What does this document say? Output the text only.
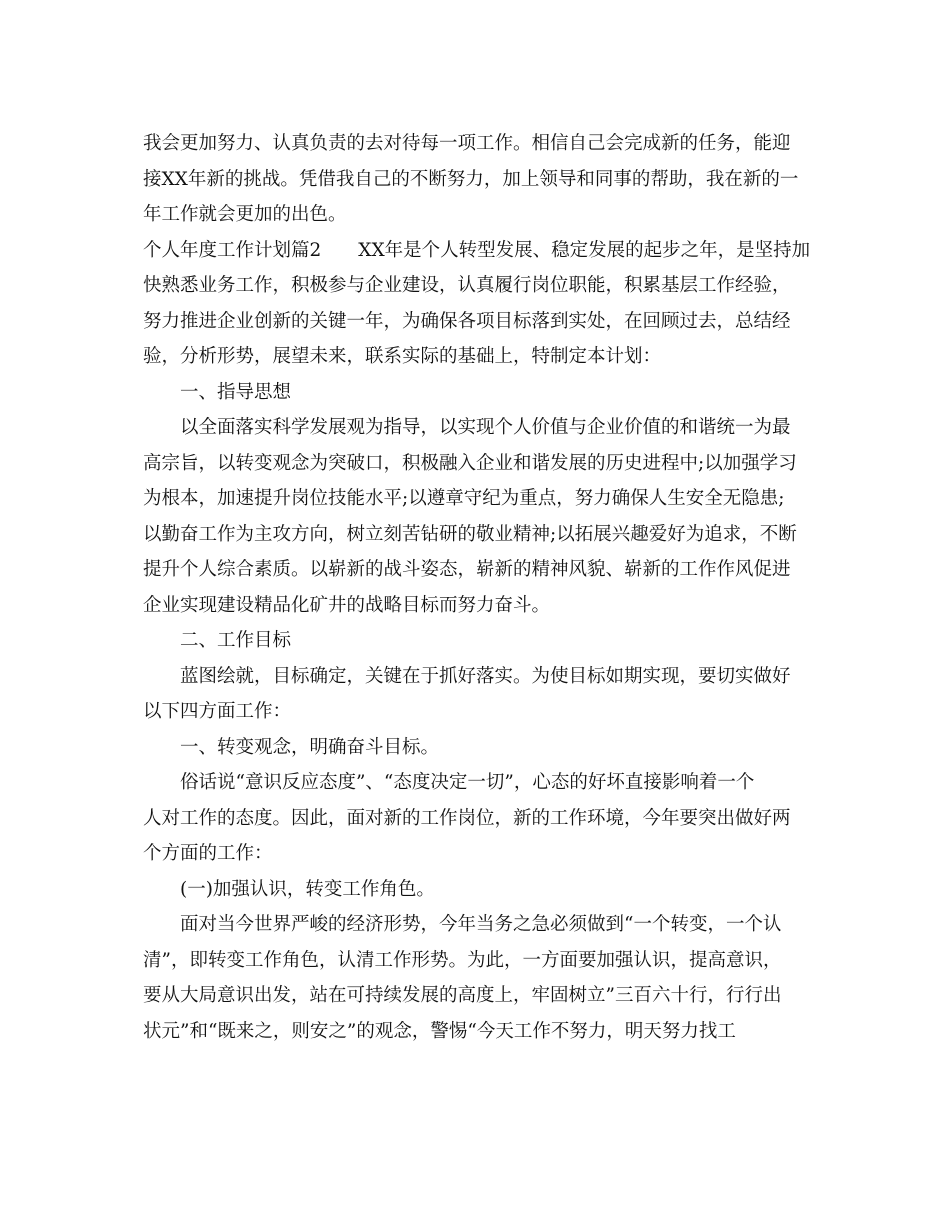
我会更加努力、认真负责的去对待每一项工作。相信自己会完成新的任务，能迎
接XX年新的挑战。凭借我自己的不断努力，加上领导和同事的帮助，我在新的一
年工作就会更加的出色。
个人年度工作计划篇2　　XX年是个人转型发展、稳定发展的起步之年，是坚持加
快熟悉业务工作，积极参与企业建设，认真履行岗位职能，积累基层工作经验，
努力推进企业创新的关键一年，为确保各项目标落到实处，在回顾过去，总结经
验，分析形势，展望未来，联系实际的基础上，特制定本计划：
一、指导思想
以全面落实科学发展观为指导，以实现个人价值与企业价值的和谐统一为最
高宗旨，以转变观念为突破口，积极融入企业和谐发展的历史进程中;以加强学习
为根本，加速提升岗位技能水平;以遵章守纪为重点，努力确保人生安全无隐患;
以勤奋工作为主攻方向，树立刻苦钻研的敬业精神;以拓展兴趣爱好为追求，不断
提升个人综合素质。以崭新的战斗姿态，崭新的精神风貌、崭新的工作作风促进
企业实现建设精品化矿井的战略目标而努力奋斗。
二、工作目标
蓝图绘就，目标确定，关键在于抓好落实。为使目标如期实现，要切实做好
以下四方面工作：
一、转变观念，明确奋斗目标。
俗话说“意识反应态度”、“态度决定一切”，心态的好坏直接影响着一个
人对工作的态度。因此，面对新的工作岗位，新的工作环境，今年要突出做好两
个方面的工作：
(一)加强认识，转变工作角色。
面对当今世界严峻的经济形势，今年当务之急必须做到“一个转变，一个认
清”，即转变工作角色，认清工作形势。为此，一方面要加强认识，提高意识，
要从大局意识出发，站在可持续发展的高度上，牢固树立”三百六十行，行行出
状元”和“既来之，则安之”的观念，警惕“今天工作不努力，明天努力找工
